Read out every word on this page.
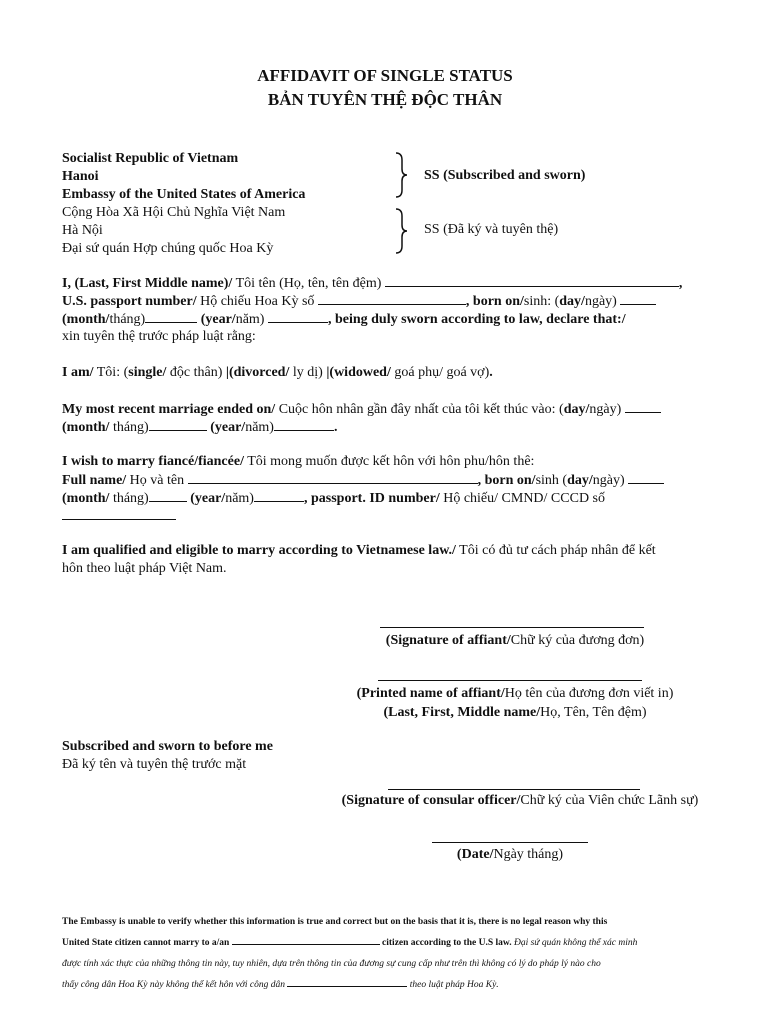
AFFIDAVIT OF SINGLE STATUS
BẢN TUYÊN THỆ ĐỘC THÂN
Socialist Republic of Vietnam
Hanoi
Embassy of the United States of America
Cộng Hòa Xã Hội Chủ Nghĩa Việt Nam
Hà Nội
Đại sứ quán Hợp chúng quốc Hoa Kỳ
SS (Subscribed and sworn)
SS (Đã ký và tuyên thệ)
I, (Last, First Middle name)/ Tôi tên (Họ, tên, tên đệm)	,
U.S. passport number/ Hộ chiếu Hoa Kỳ số	, born on/sinh: (day/ngày)
(month/tháng)	(year/năm)	, being duly sworn according to law, declare that:/
xin tuyên thệ trước pháp luật rằng:
I am/ Tôi: (single/ độc thân) |(divorced/ ly dị) |(widowed/ goá phụ/ goá vợ).
My most recent marriage ended on/ Cuộc hôn nhân gần đây nhất của tôi kết thúc vào: (day/ngày)
(month/ tháng)	(year/năm)	.
I wish to marry fiancé/fiancée/ Tôi mong muốn được kết hôn với hôn phu/hôn thê:
Full name/ Họ và tên	, born on/sinh (day/ngày)
(month/ tháng)	(year/năm)	, passport. ID number/ Hộ chiếu/ CMND/ CCCD số
I am qualified and eligible to marry according to Vietnamese law./ Tôi có đủ tư cách pháp nhân để kết
hôn theo luật pháp Việt Nam.
(Signature of affiant/Chữ ký của đương đơn)
(Printed name of affiant/Họ tên của đương đơn viết in)
(Last, First, Middle name/Họ, Tên, Tên đệm)
Subscribed and sworn to before me
Đã ký tên và tuyên thệ trước mặt
(Signature of consular officer/Chữ ký của Viên chức Lãnh sự)
(Date/Ngày tháng)
The Embassy is unable to verify whether this information is true and correct but on the basis that it is, there is no legal reason why this
United State citizen cannot marry to a/an	citizen according to the U.S law. Đại sứ quán không thể xác minh
được tính xác thực của những thông tin này, tuy nhiên, dựa trên thông tin của đương sự cung cấp như trên thì không có lý do pháp lý nào cho
thấy công dân Hoa Kỳ này không thể kết hôn với công dân	theo luật pháp Hoa Kỳ.
